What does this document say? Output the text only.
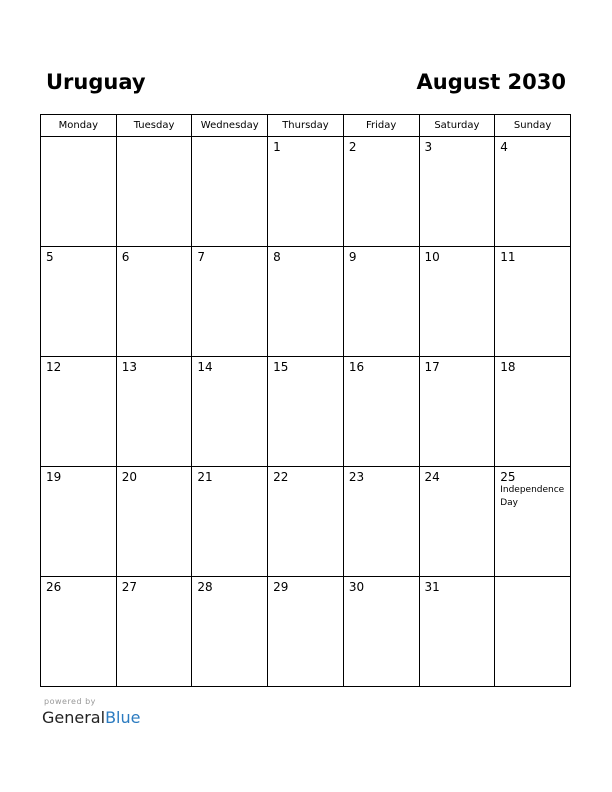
Uruguay	August 2030
Monday	Tuesday	Wednesday	Thursday	Friday	Saturday	Sunday

			1	2	3	4

5	6	7	8	9	10	11

12	13	14	15	16	17	18

19	20	21	22	23	24	25
Independence Day

26	27	28	29	30	31	

powered by
GeneralBlue
